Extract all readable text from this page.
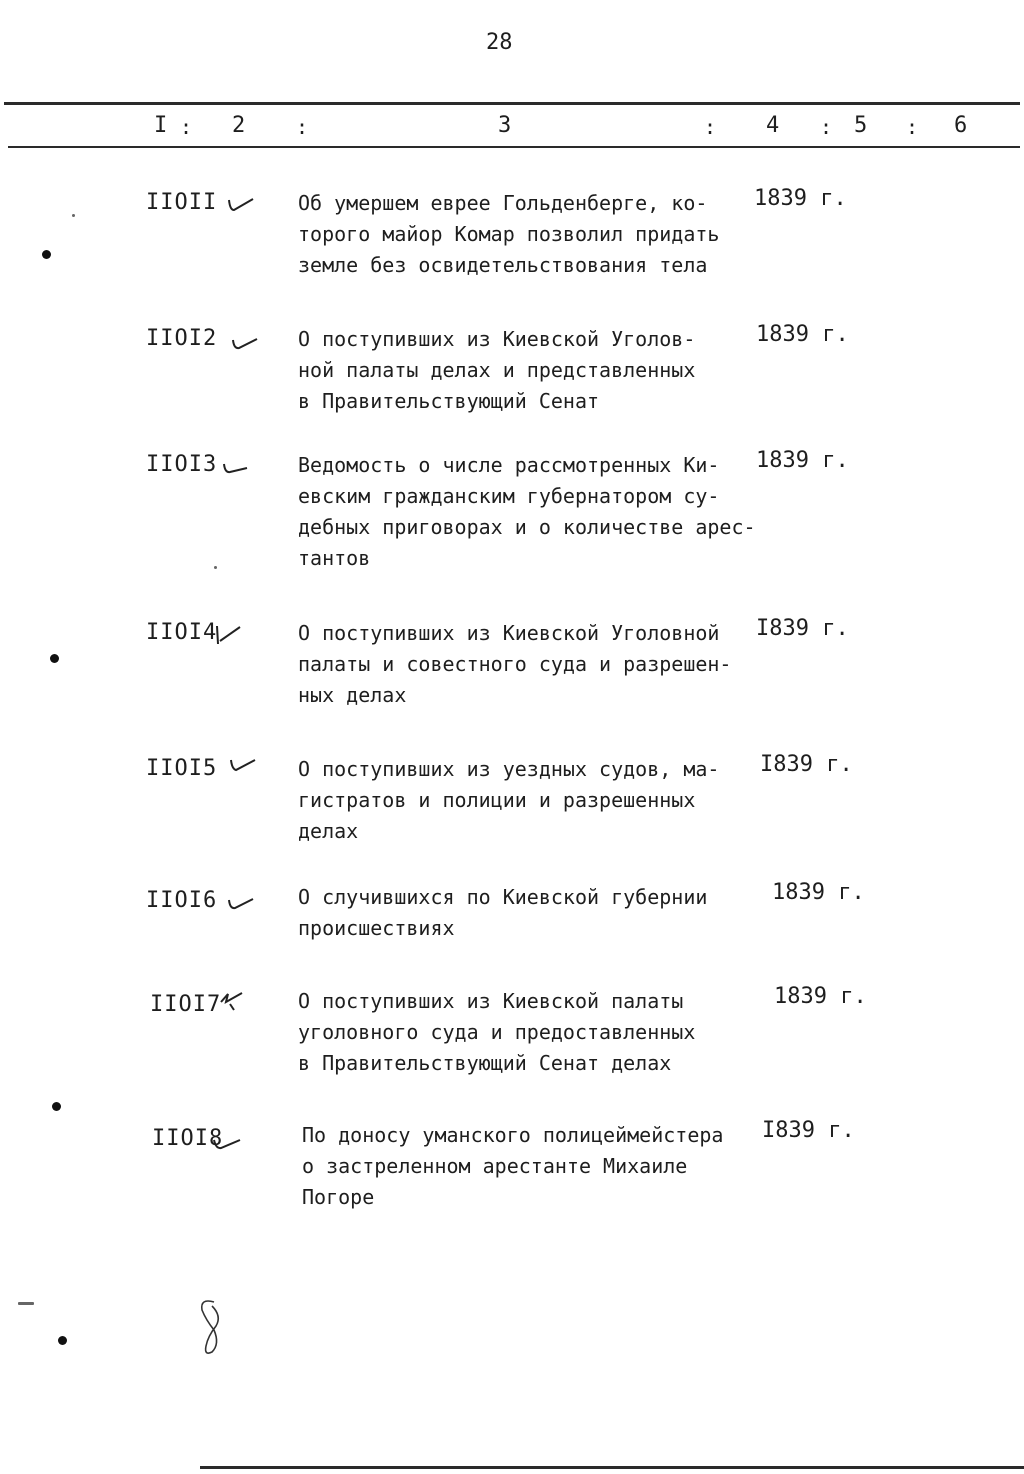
28
I : 2	:	3	: 4 : 5 : 6
IIOII	Об умершем еврее Гольденберге, ко-
торого майор Комар позволил придать
земле без освидетельствования тела
1839 г.
IIOI2	О поступивших из Киевской Уголов-
ной палаты делах и представленных
в Правительствующий Сенат
1839 г.
IIOI3	Ведомость о числе рассмотренных Ки-
евским гражданским губернатором су-
дебных приговорах и о количестве арес-
тантов
1839 г.
IIOI4	О поступивших из Киевской Уголовной
палаты и совестного суда и разрешен-
ных делах
I839 г.
IIOI5	О поступивших из уездных судов, ма-
гистратов и полиции и разрешенных
делах
I839 г.
IIOI6	О случившихся по Киевской губернии
происшествиях
1839 г.
IIOI7	О поступивших из Киевской палаты
уголовного суда и предоставленных
в Правительствующий Сенат делах
1839 г.
IIOI8	По доносу уманского полицеймейстера
о застреленном арестанте Михаиле
Погоре
I839 г.
